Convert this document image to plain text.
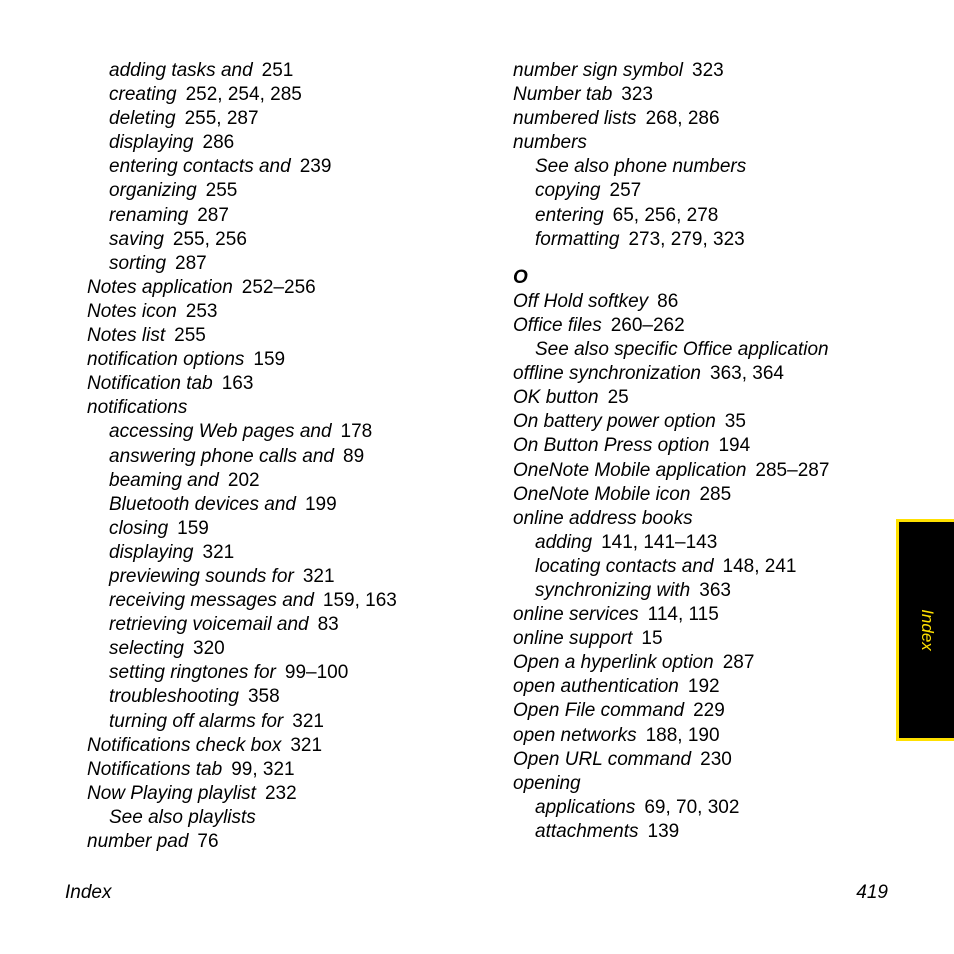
adding tasks and 251
creating 252, 254, 285
deleting 255, 287
displaying 286
entering contacts and 239
organizing 255
renaming 287
saving 255, 256
sorting 287
Notes application 252–256
Notes icon 253
Notes list 255
notification options 159
Notification tab 163
notifications
accessing Web pages and 178
answering phone calls and 89
beaming and 202
Bluetooth devices and 199
closing 159
displaying 321
previewing sounds for 321
receiving messages and 159, 163
retrieving voicemail and 83
selecting 320
setting ringtones for 99–100
troubleshooting 358
turning off alarms for 321
Notifications check box 321
Notifications tab 99, 321
Now Playing playlist 232
See also playlists
number pad 76
number sign symbol 323
Number tab 323
numbered lists 268, 286
numbers
See also phone numbers
copying 257
entering 65, 256, 278
formatting 273, 279, 323
O
Off Hold softkey 86
Office files 260–262
See also specific Office application
offline synchronization 363, 364
OK button 25
On battery power option 35
On Button Press option 194
OneNote Mobile application 285–287
OneNote Mobile icon 285
online address books
adding 141, 141–143
locating contacts and 148, 241
synchronizing with 363
online services 114, 115
online support 15
Open a hyperlink option 287
open authentication 192
Open File command 229
open networks 188, 190
Open URL command 230
opening
applications 69, 70, 302
attachments 139
Index	419
Index
